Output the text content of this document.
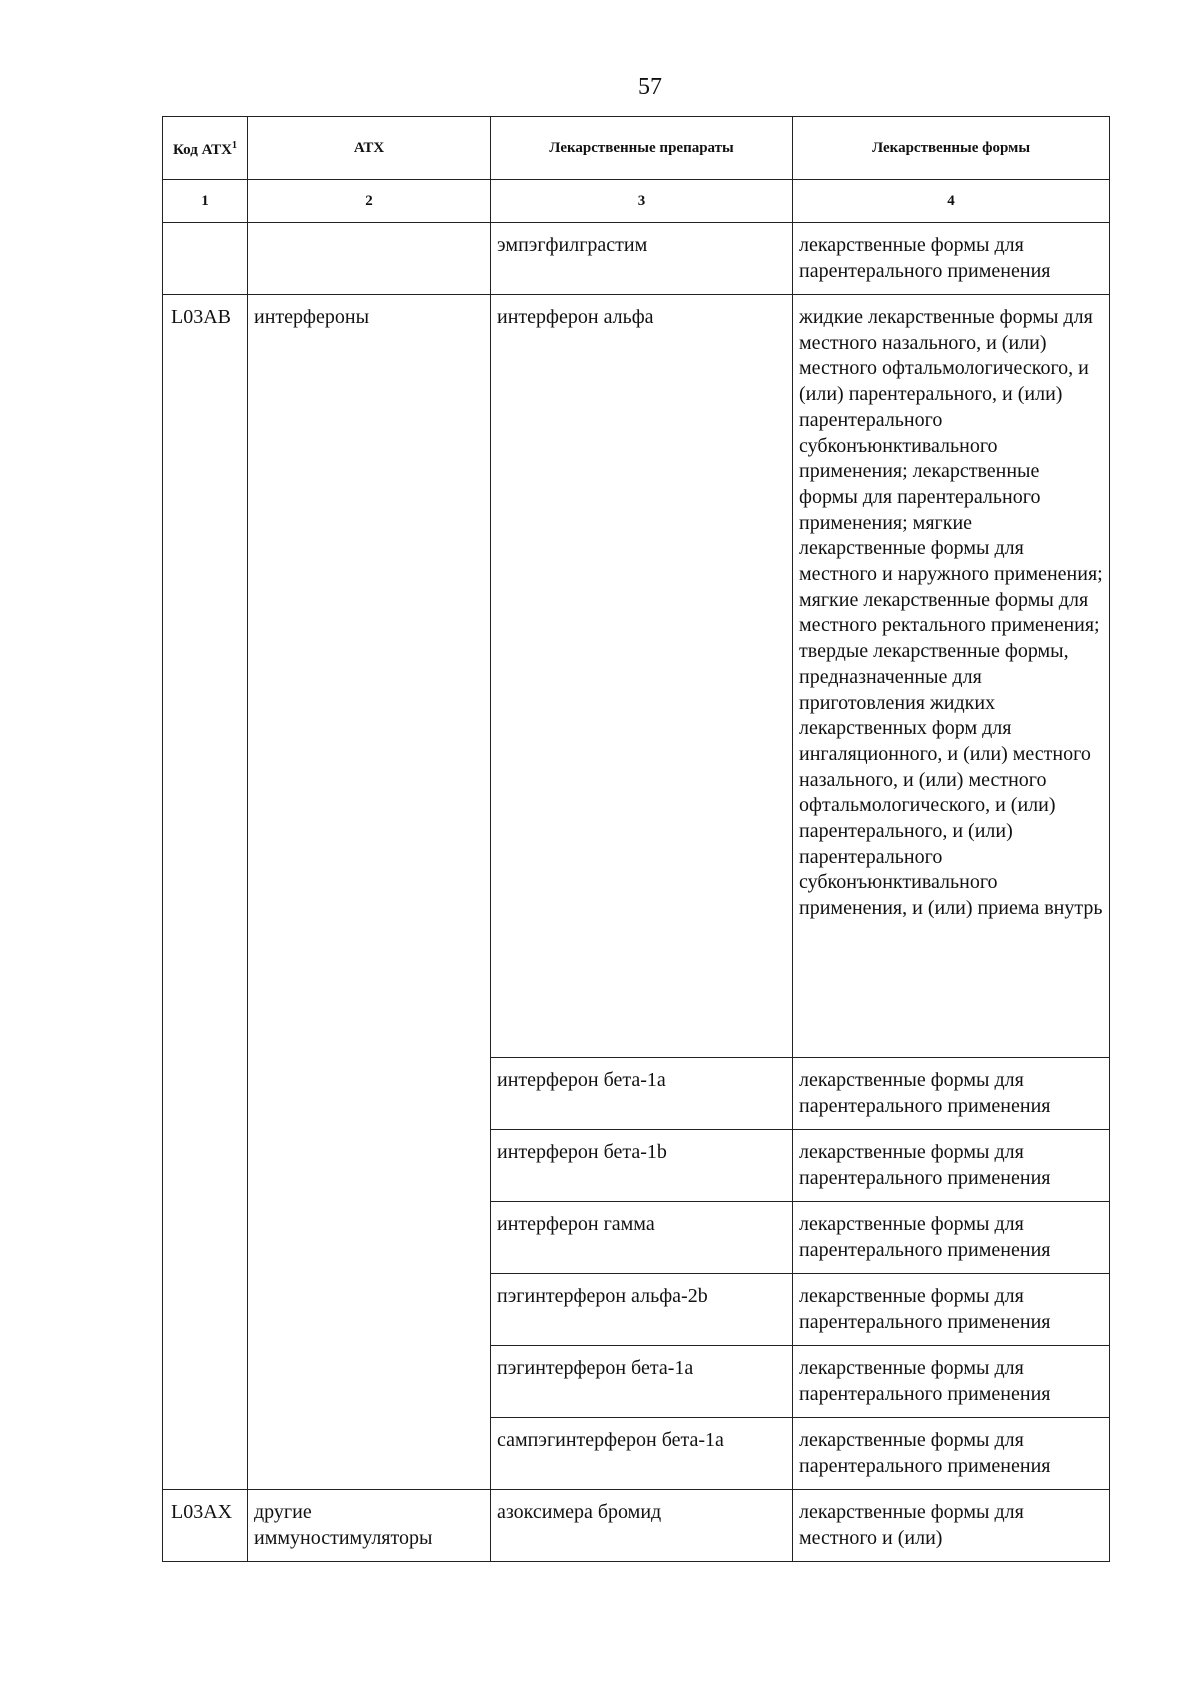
57
Код АТХ$^1$	АТХ	Лекарственные препараты	Лекарственные формы
1	2	3	4
		эмпэгфилграстим	лекарственные формы для парентерального применения
L03AB	интерфероны	интерферон альфа	жидкие лекарственные формы для местного назального, и (или) местного офтальмологического, и (или) парентерального, и (или) парентерального субконъюнктивального применения; лекарственные формы для парентерального применения; мягкие лекарственные формы для местного и наружного применения; мягкие лекарственные формы для местного ректального применения; твердые лекарственные формы, предназначенные для приготовления жидких лекарственных форм для ингаляционного, и (или) местного назального, и (или) местного офтальмологического, и (или) парентерального, и (или) парентерального субконъюнктивального применения, и (или) приема внутрь
		интерферон бета-1a	лекарственные формы для парентерального применения
		интерферон бета-1b	лекарственные формы для парентерального применения
		интерферон гамма	лекарственные формы для парентерального применения
		пэгинтерферон альфа-2b	лекарственные формы для парентерального применения
		пэгинтерферон бета-1a	лекарственные формы для парентерального применения
		сампэгинтерферон бета-1a	лекарственные формы для парентерального применения
L03AX	другие иммуностимуляторы	азоксимера бромид	лекарственные формы для местного и (или)
